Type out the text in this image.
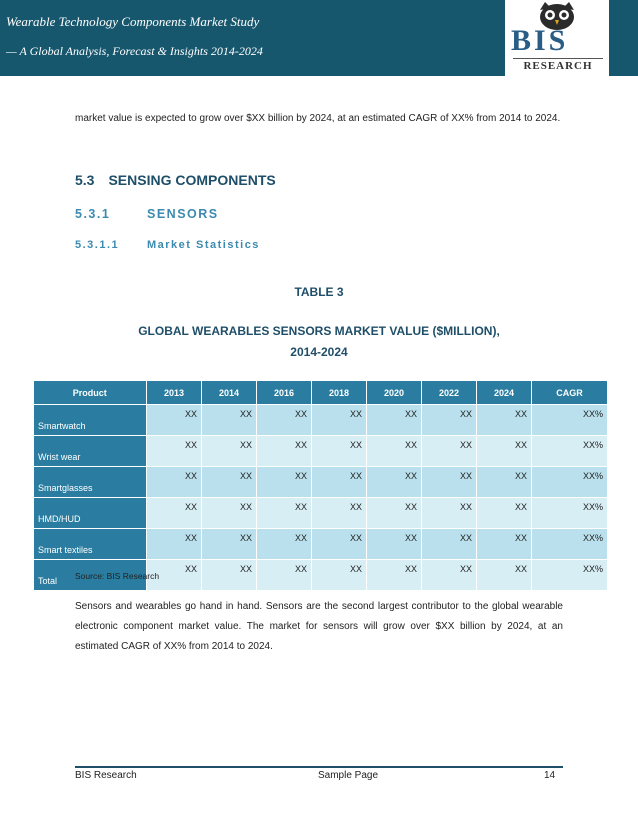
Wearable Technology Components Market Study
— A Global Analysis, Forecast & Insights 2014-2024	BIS
RESEARCH
market value is expected to grow over $XX billion by 2024, at an estimated CAGR of XX% from 2014 to 2024.
5.3 SENSING COMPONENTS
5.3.1	SENSORS
5.3.1.1	Market Statistics
TABLE 3
GLOBAL WEARABLES SENSORS MARKET VALUE ($MILLION),
2014-2024
Product	2013	2014	2016	2018	2020	2022	2024	CAGR
Smartwatch	XX	XX	XX	XX	XX	XX	XX	XX%
Wrist wear	XX	XX	XX	XX	XX	XX	XX	XX%
Smartglasses	XX	XX	XX	XX	XX	XX	XX	XX%
HMD/HUD	XX	XX	XX	XX	XX	XX	XX	XX%
Smart textiles	XX	XX	XX	XX	XX	XX	XX	XX%
Total	XX	XX	XX	XX	XX	XX	XX	XX%
Source: BIS Research
Sensors and wearables go hand in hand. Sensors are the second largest contributor to the global wearable electronic component market value. The market for sensors will grow over $XX billion by 2024, at an estimated CAGR of XX% from 2014 to 2024.
BIS Research	Sample Page	14
